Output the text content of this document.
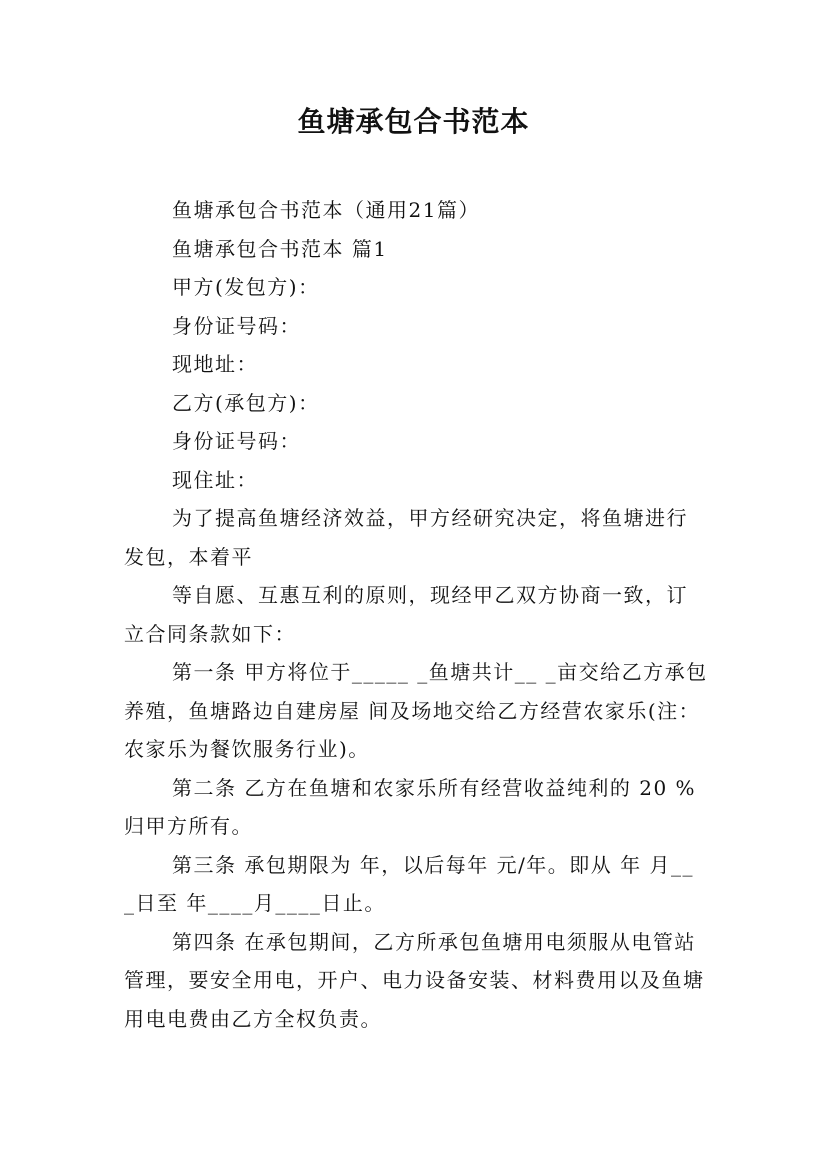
鱼塘承包合书范本

鱼塘承包合书范本（通用21篇）

鱼塘承包合书范本 篇1

甲方(发包方)：

身份证号码：

现地址：

乙方(承包方)：

身份证号码：

现住址：

为了提高鱼塘经济效益，甲方经研究决定，将鱼塘进行发包，本着平

等自愿、互惠互利的原则，现经甲乙双方协商一致，订立合同条款如下：

第一条 甲方将位于_____ _鱼塘共计__ _亩交给乙方承包养殖，鱼塘路边自建房屋 间及场地交给乙方经营农家乐(注：农家乐为餐饮服务行业)。

第二条 乙方在鱼塘和农家乐所有经营收益纯利的 20 %归甲方所有。

第三条 承包期限为 年，以后每年 元/年。即从 年 月__ _日至 年____月____日止。

第四条 在承包期间，乙方所承包鱼塘用电须服从电管站管理，要安全用电，开户、电力设备安装、材料费用以及鱼塘用电电费由乙方全权负责。
